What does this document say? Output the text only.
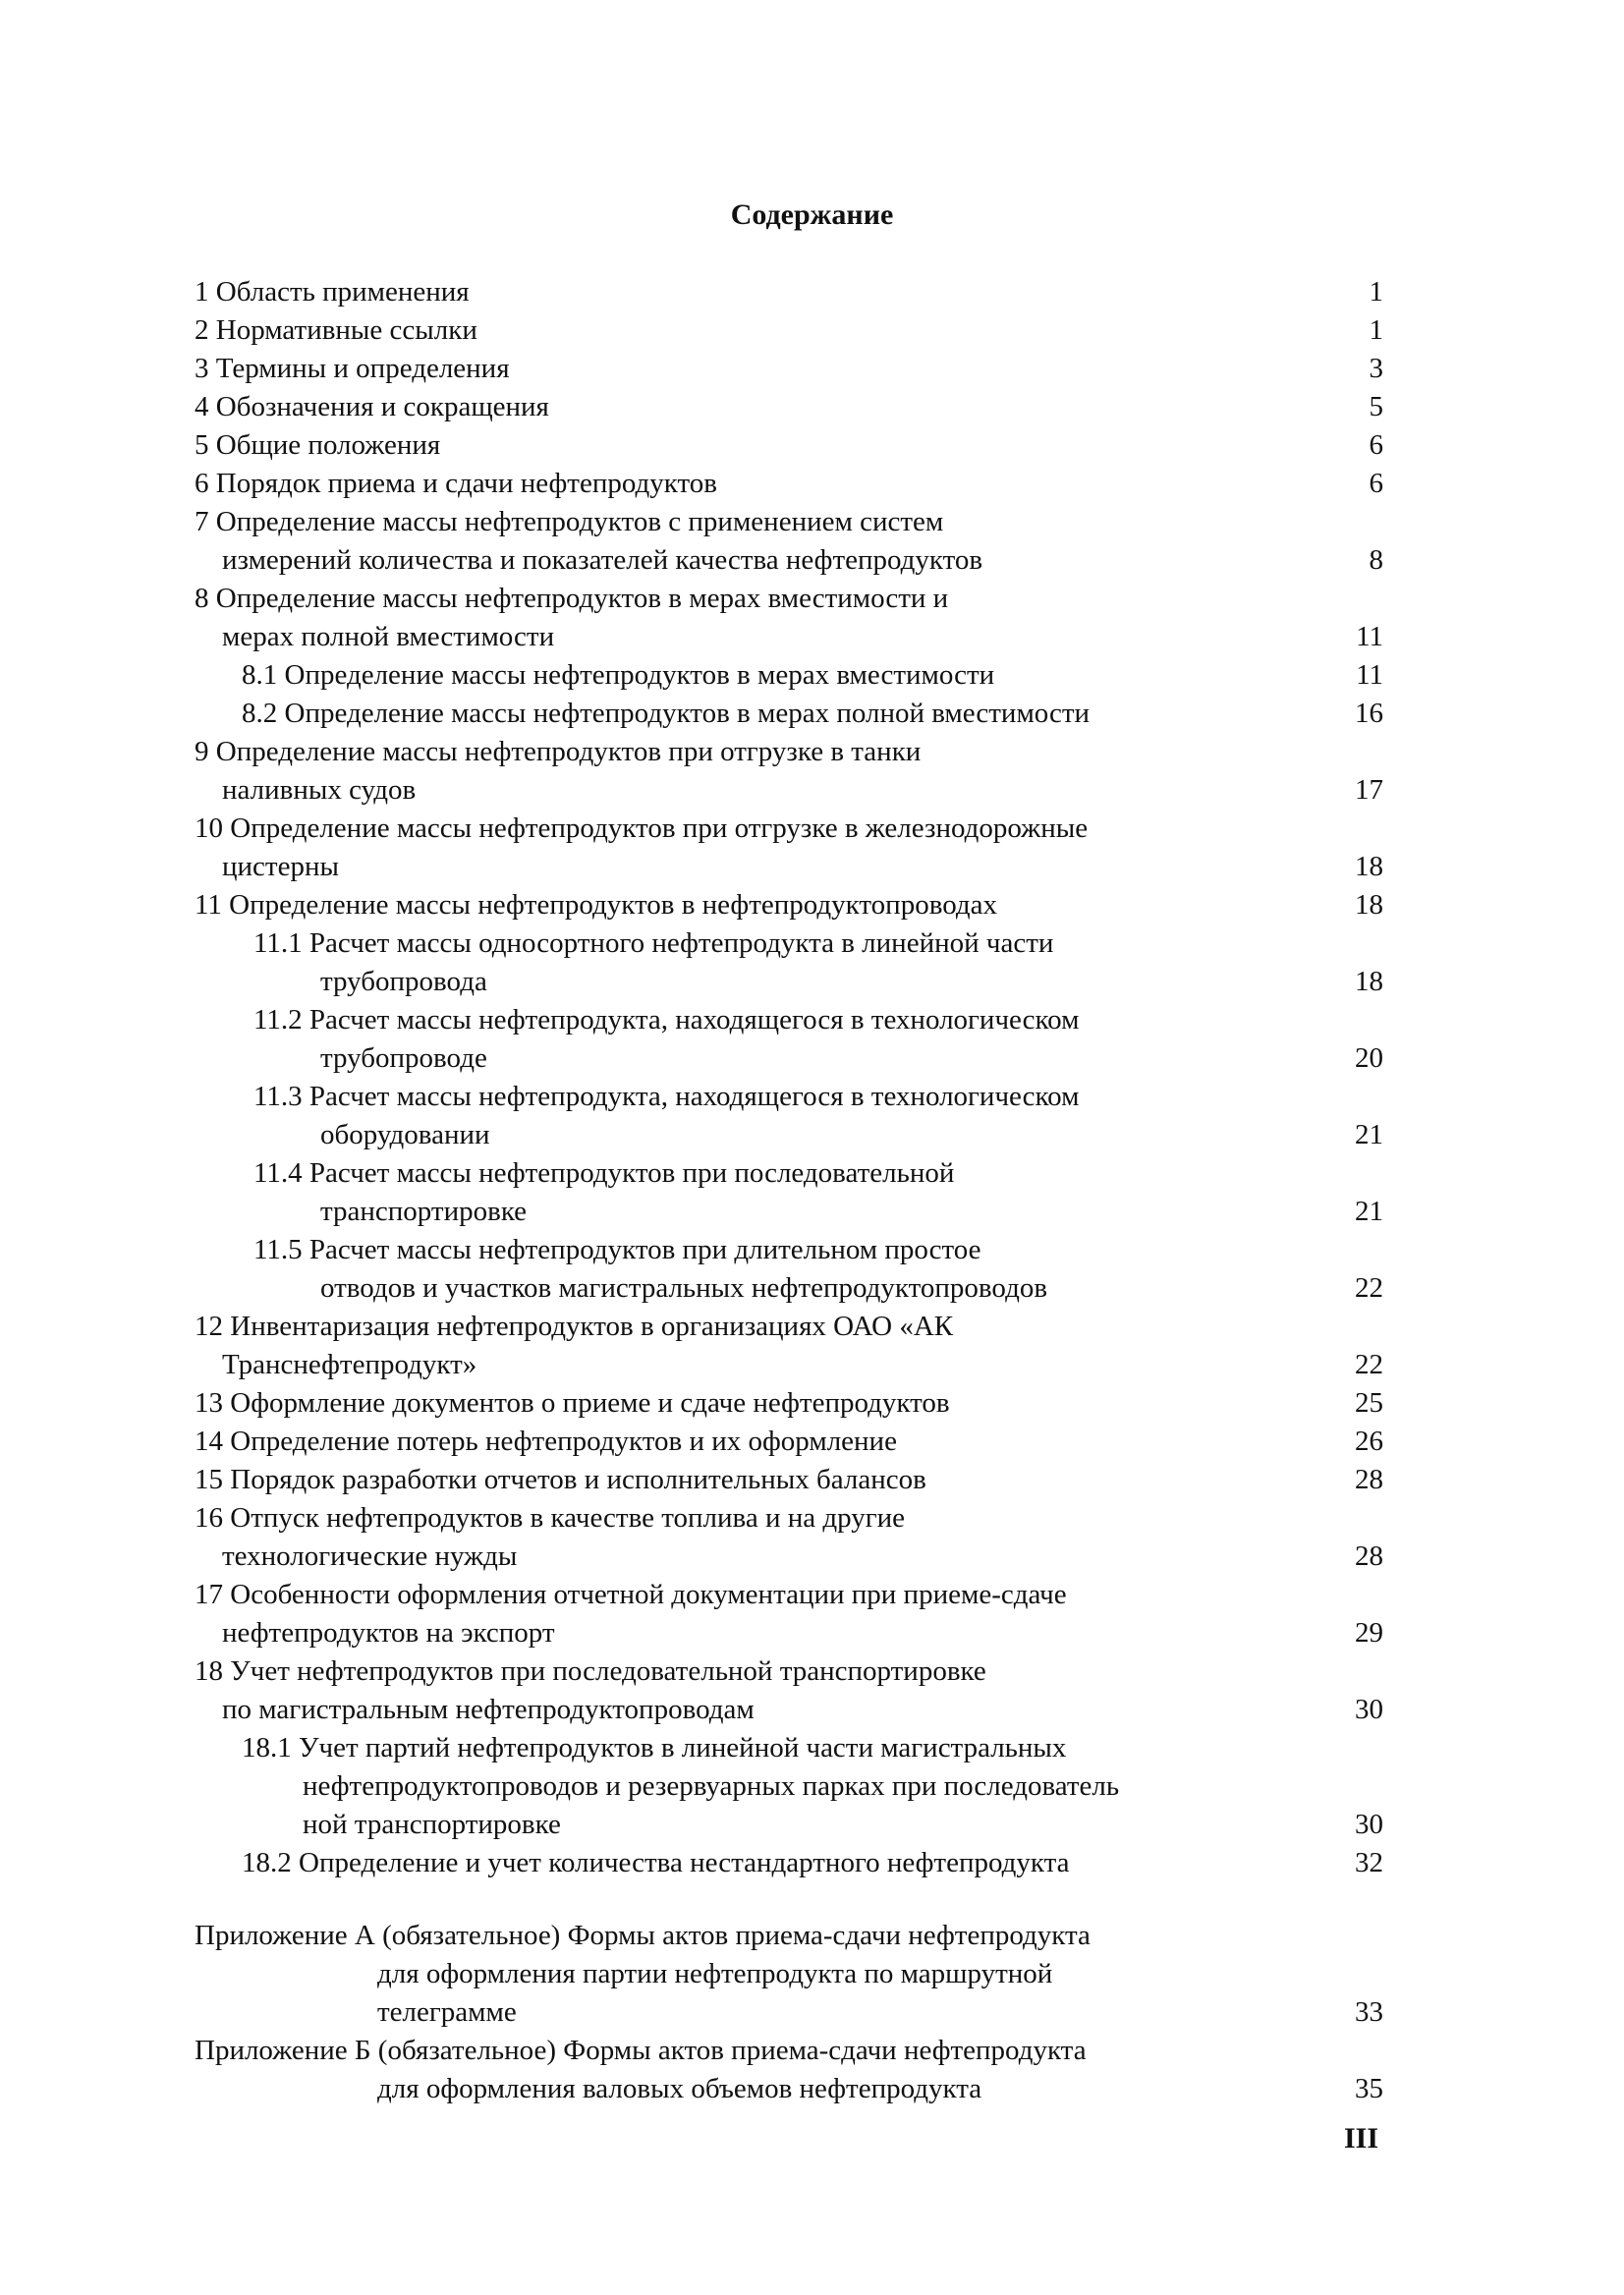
Содержание
1 Область применения . . .	1
2 Нормативные ссылки . . .	1
3 Термины и определения . . .	3
4 Обозначения и сокращения . . .	5
5 Общие положения . . .	6
6 Порядок приема и сдачи нефтепродуктов . . .	6
7 Определение массы нефтепродуктов с применением систем
измерений количества и показателей качества нефтепродуктов . . .	8
8 Определение массы нефтепродуктов в мерах вместимости и
мерах полной вместимости . . .	11
8.1 Определение массы нефтепродуктов в мерах вместимости . . .	11
8.2 Определение массы нефтепродуктов в мерах полной вместимости . . .	16
9 Определение массы нефтепродуктов при отгрузке в танки
наливных судов . . .	17
10 Определение массы нефтепродуктов при отгрузке в железнодорожные
цистерны . . .	18
11 Определение массы нефтепродуктов в нефтепродуктопроводах . . .	18
11.1 Расчет массы односортного нефтепродукта в линейной части
трубопровода . . .	18
11.2 Расчет массы нефтепродукта, находящегося в технологическом
трубопроводе . . .	20
11.3 Расчет массы нефтепродукта, находящегося в технологическом
оборудовании . . .	21
11.4 Расчет массы нефтепродуктов при последовательной
транспортировке . . .	21
11.5 Расчет массы нефтепродуктов при длительном простое
отводов и участков магистральных нефтепродуктопроводов . . .	22
12 Инвентаризация нефтепродуктов в организациях ОАО «АК
Транснефтепродукт» . . .	22
13 Оформление документов о приеме и сдаче нефтепродуктов . . .	25
14 Определение потерь нефтепродуктов и их оформление . . .	26
15 Порядок разработки отчетов и исполнительных балансов . . .	28
16 Отпуск нефтепродуктов в качестве топлива и на другие
технологические нужды . . .	28
17 Особенности оформления отчетной документации при приеме-сдаче
нефтепродуктов на экспорт . . .	29
18 Учет нефтепродуктов при последовательной транспортировке
по магистральным нефтепродуктопроводам . . .	30
18.1 Учет партий нефтепродуктов в линейной части магистральных
нефтепродуктопроводов и резервуарных парках при последователь
ной транспортировке . . .	30
18.2 Определение и учет количества нестандартного нефтепродукта . . .	32
Приложение А (обязательное) Формы актов приема-сдачи нефтепродукта
для оформления партии нефтепродукта по маршрутной
телеграмме . . .	33
Приложение Б (обязательное) Формы актов приема-сдачи нефтепродукта
для оформления валовых объемов нефтепродукта . . .	35
III
